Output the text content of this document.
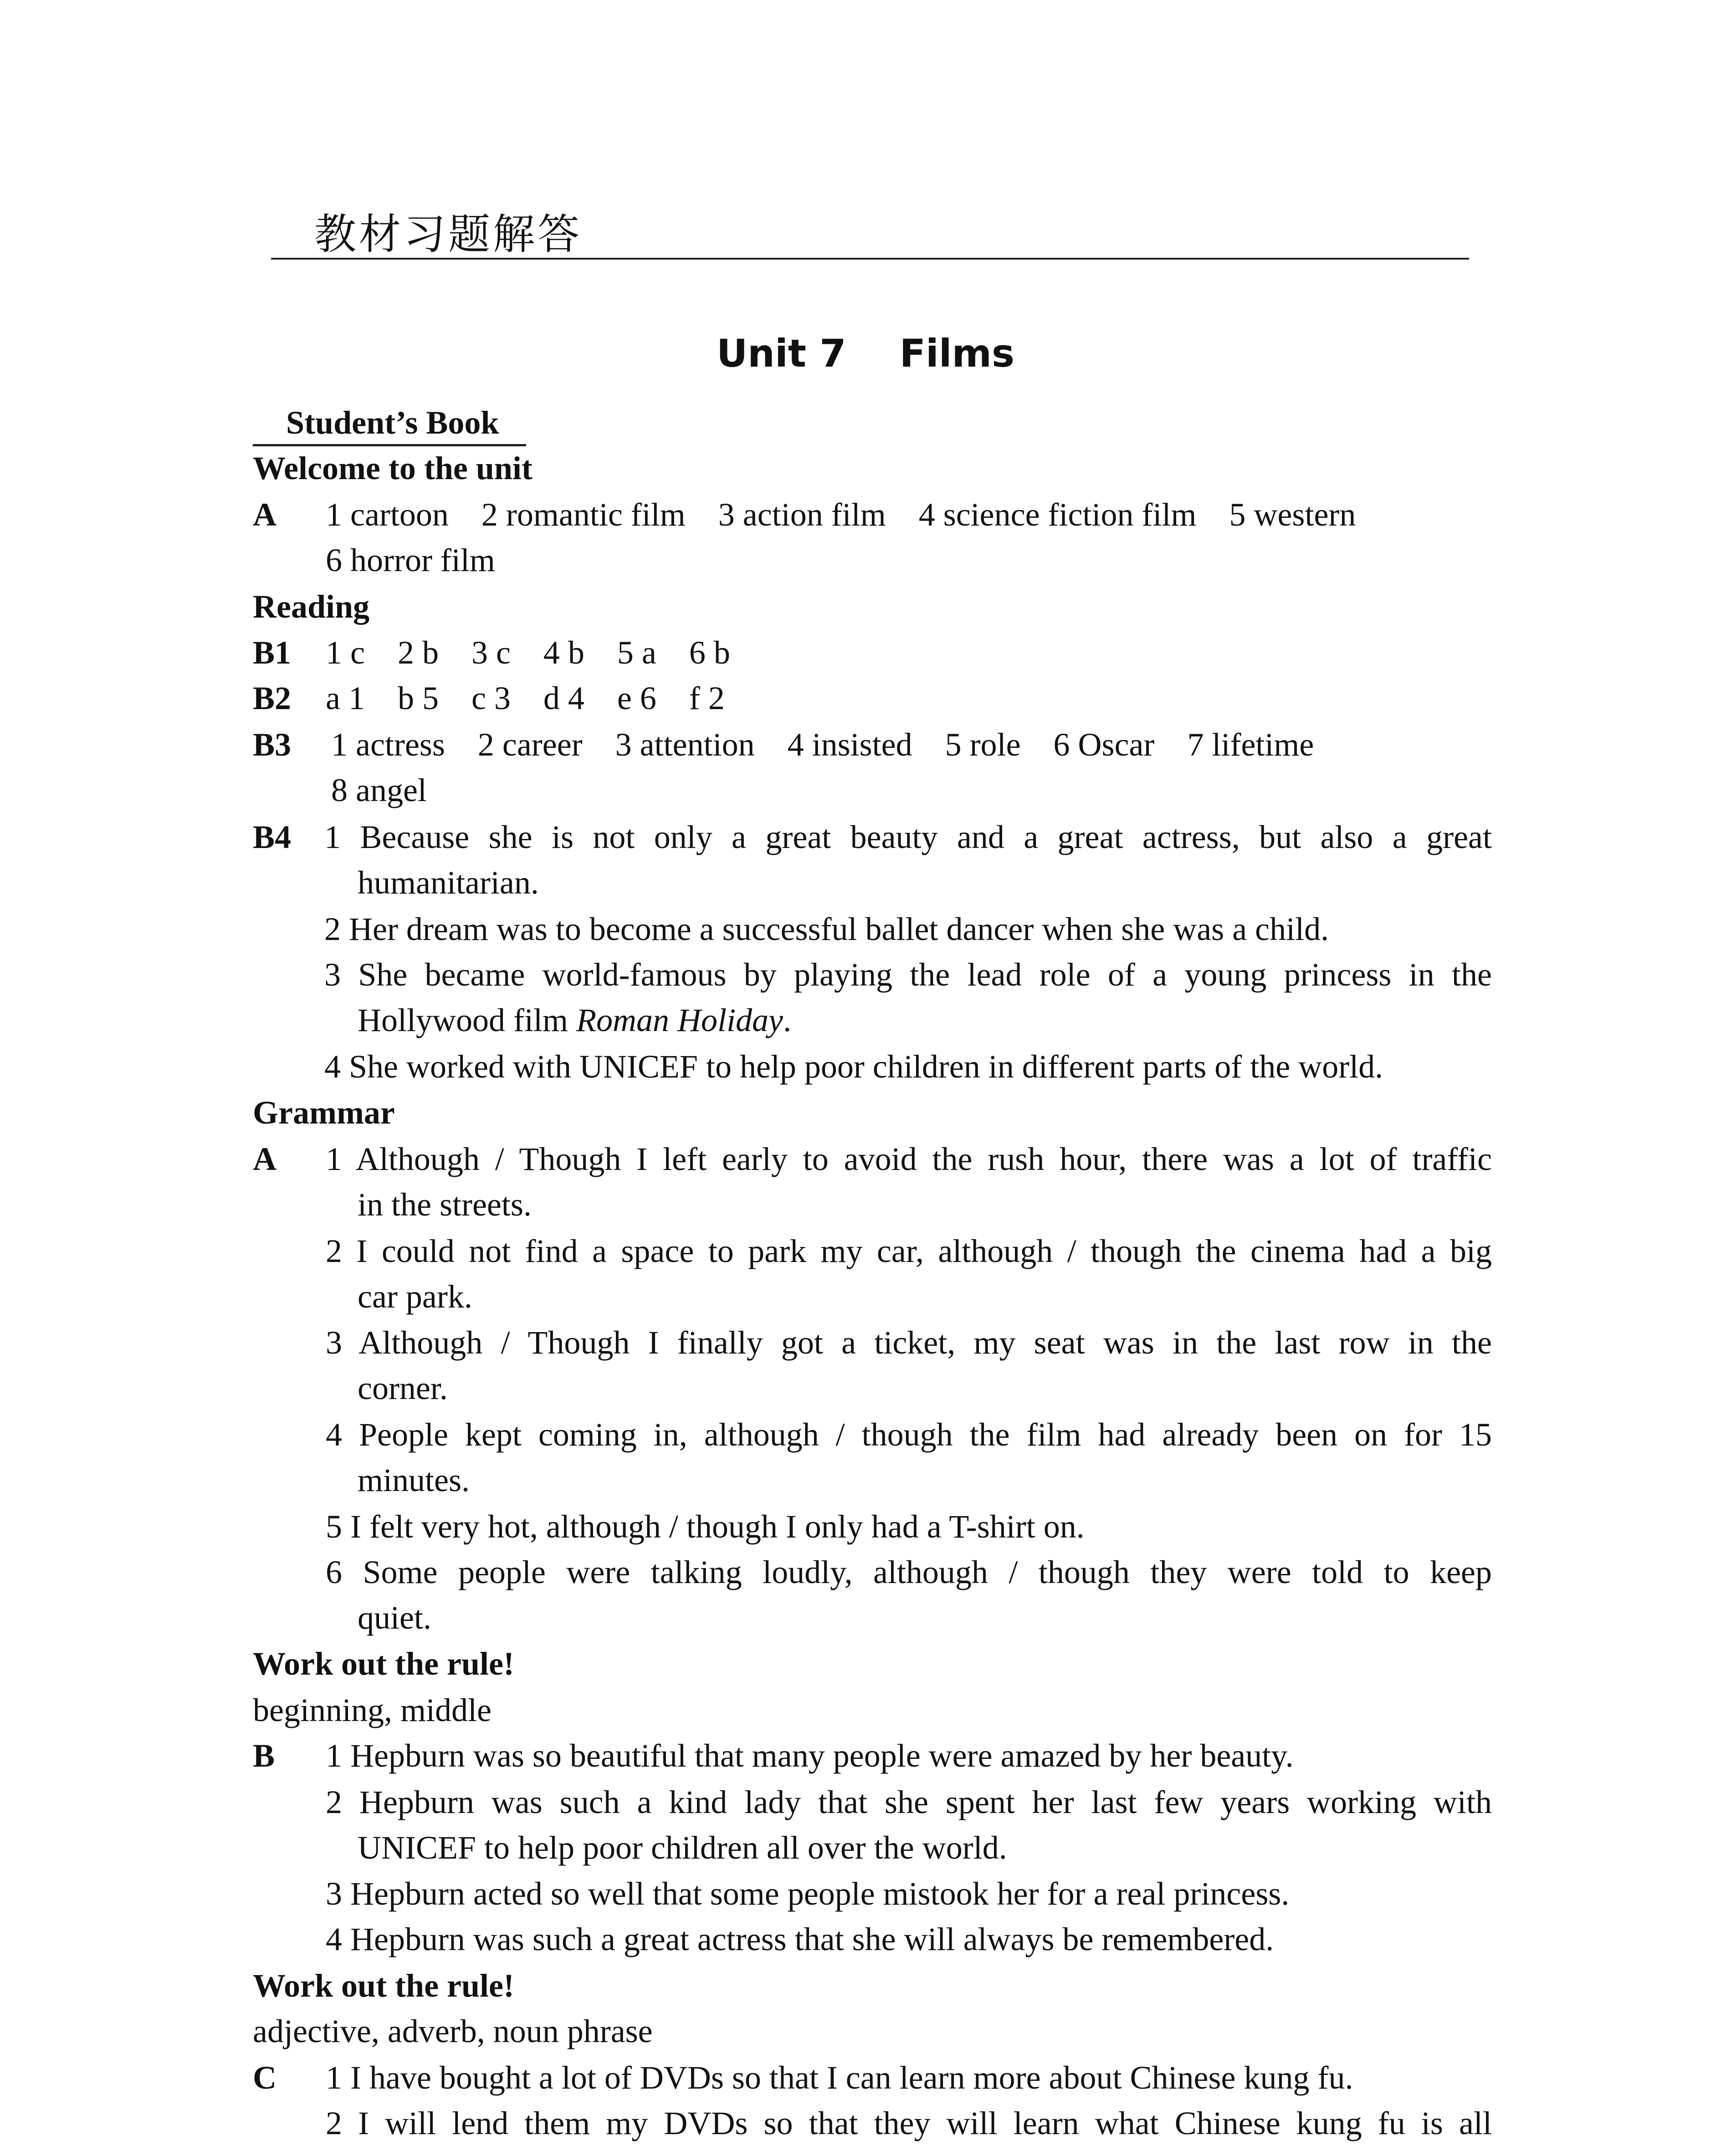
教材习题解答
Unit 7    Films
Student’s Book
Welcome to the unit
A 1 cartoon    2 romantic film    3 action film    4 science fiction film    5 western
6 horror film
Reading
B1 1 c    2 b    3 c    4 b    5 a    6 b
B2 a 1    b 5    c 3    d 4    e 6    f 2
B3 1 actress    2 career    3 attention    4 insisted    5 role    6 Oscar    7 lifetime
8 angel
B4 1 Because she is not only a great beauty and a great actress, but also a great
humanitarian.
2 Her dream was to become a successful ballet dancer when she was a child.
3 She became world-famous by playing the lead role of a young princess in the
Hollywood film Roman Holiday.
4 She worked with UNICEF to help poor children in different parts of the world.
Grammar
A 1 Although / Though I left early to avoid the rush hour, there was a lot of traffic
in the streets.
2 I could not find a space to park my car, although / though the cinema had a big
car park.
3 Although / Though I finally got a ticket, my seat was in the last row in the
corner.
4 People kept coming in, although / though the film had already been on for 15
minutes.
5 I felt very hot, although / though I only had a T-shirt on.
6 Some people were talking loudly, although / though they were told to keep
quiet.
Work out the rule!
beginning, middle
B 1 Hepburn was so beautiful that many people were amazed by her beauty.
2 Hepburn was such a kind lady that she spent her last few years working with
UNICEF to help poor children all over the world.
3 Hepburn acted so well that some people mistook her for a real princess.
4 Hepburn was such a great actress that she will always be remembered.
Work out the rule!
adjective, adverb, noun phrase
C 1 I have bought a lot of DVDs so that I can learn more about Chinese kung fu.
2 I will lend them my DVDs so that they will learn what Chinese kung fu is all
